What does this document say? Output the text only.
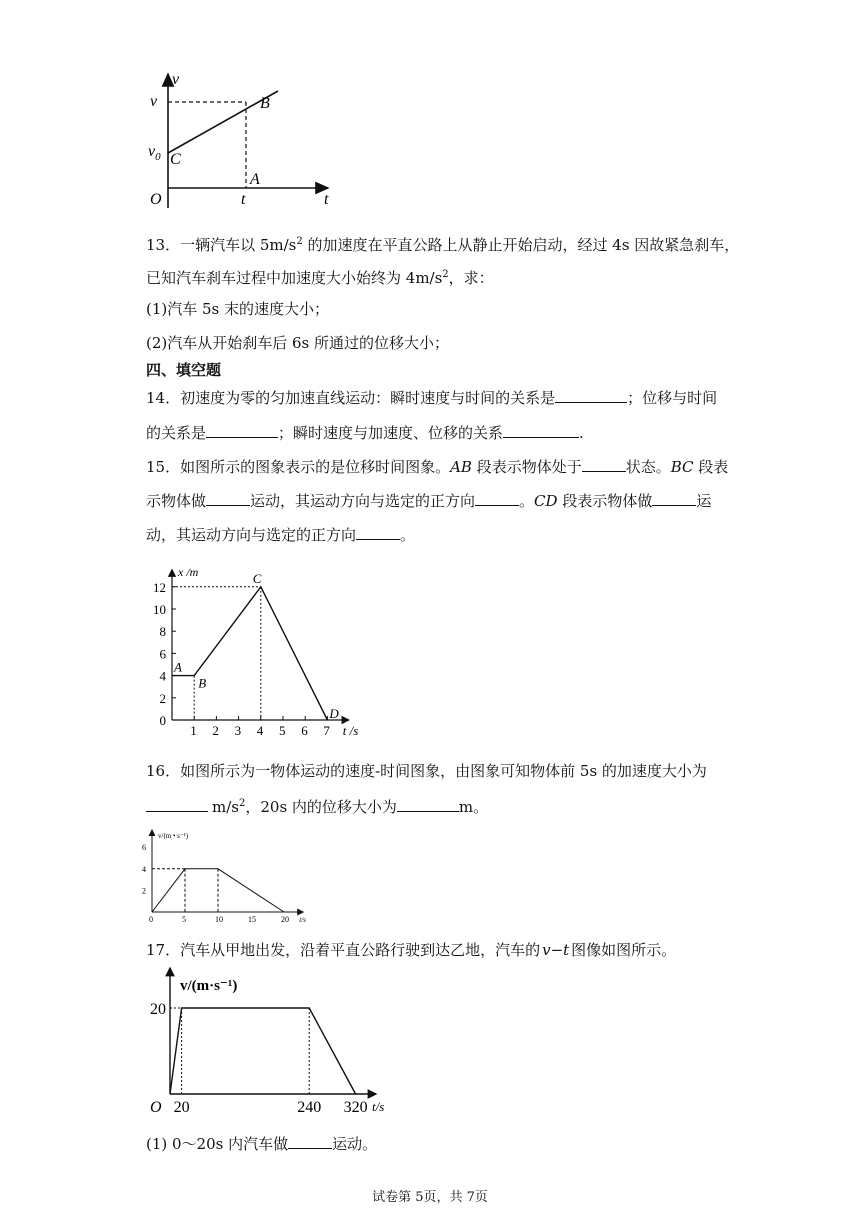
v
t
v
$v_0$
B
C
A
t
O
13．一辆汽车以 $5m/s^2$ 的加速度在平直公路上从静止开始启动，经过 4s 因故紧急刹车，
已知汽车刹车过程中加速度大小始终为 $4m/s^2$，求：
(1)汽车 5s 末的速度大小；
(2)汽车从开始刹车后 6s 所通过的位移大小；
四、填空题
14．初速度为零的匀加速直线运动：瞬时速度与时间的关系是	；位移与时间
的关系是	；瞬时速度与加速度、位移的关系	.
15．如图所示的图象表示的是位移时间图象。AB 段表示物体处于	状态。BC 段表
示物体做	运动，其运动方向与选定的正方向	。CD 段表示物体做	运
动，其运动方向与选定的正方向	。
1 2 3 4 5 6 7
0
2
4
6
8
10
12
x /m
t /s
A
B
C
D
16．如图所示为一物体运动的速度-时间图象，由图象可知物体前 5s 的加速度大小为
$m/s^2$，20s 内的位移大小为	m。
0	5	10	15	20
2
4
6
v/(m • s⁻¹)
t/s
17．汽车从甲地出发，沿着平直公路行驶到达乙地，汽车的 v−t 图像如图所示。
v/(m·s⁻¹)
t/s
O 20	240 320
20
(1) 0～20s 内汽车做	运动。
试卷第 5页，共 7页
